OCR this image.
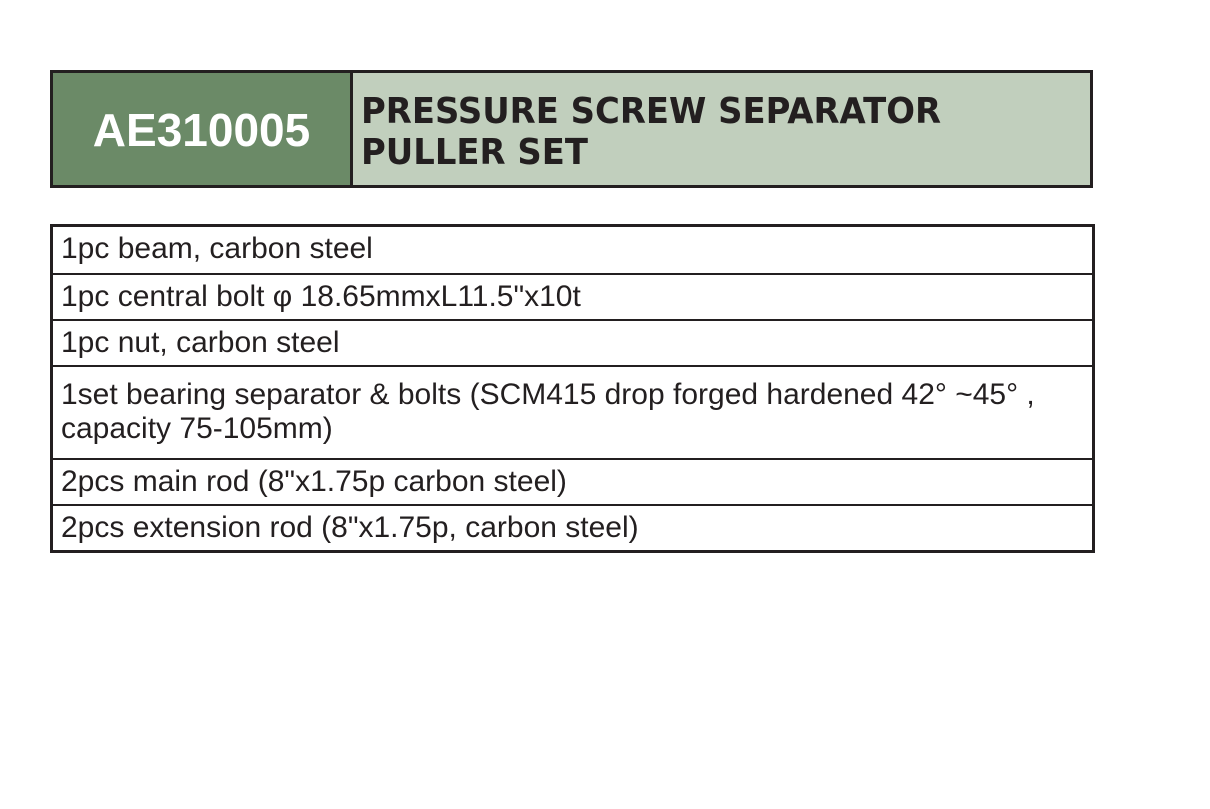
AE310005 PRESSURE SCREW SEPARATOR PULLER SET
1pc beam, carbon steel
1pc central bolt φ 18.65mmxL11.5"x10t
1pc nut, carbon steel
1set bearing separator & bolts (SCM415 drop forged hardened 42° ~45° , capacity 75-105mm)
2pcs main rod (8"x1.75p carbon steel)
2pcs extension rod (8"x1.75p, carbon steel)
